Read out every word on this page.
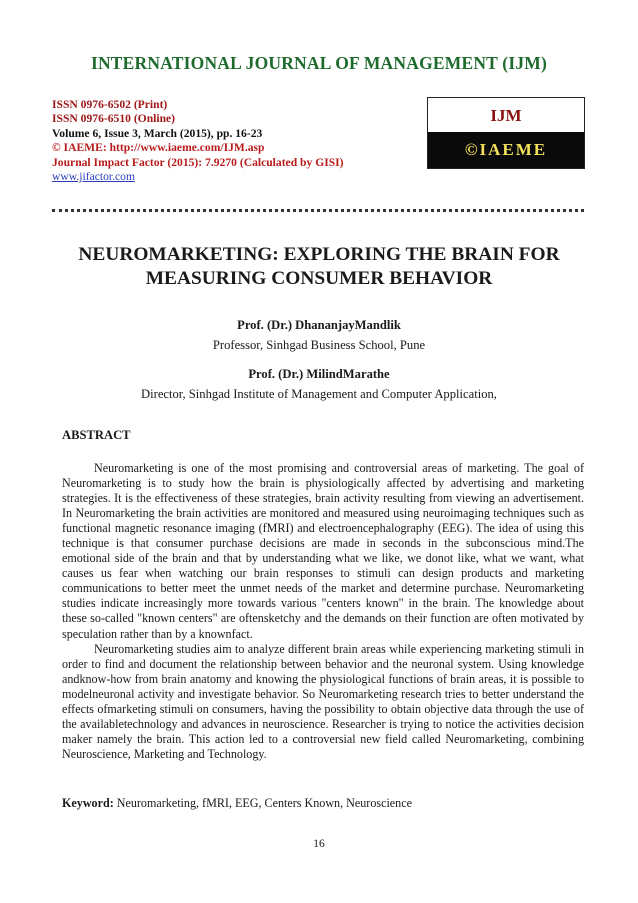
INTERNATIONAL JOURNAL OF MANAGEMENT (IJM)
ISSN 0976-6502 (Print)
ISSN 0976-6510 (Online)
Volume 6, Issue 3, March (2015), pp. 16-23
© IAEME: http://www.iaeme.com/IJM.asp
Journal Impact Factor (2015): 7.9270 (Calculated by GISI)
www.jifactor.com
IJM
©IAEME
NEUROMARKETING: EXPLORING THE BRAIN FOR
MEASURING CONSUMER BEHAVIOR
Prof. (Dr.) DhananjayMandlik
Professor, Sinhgad Business School, Pune
Prof. (Dr.) MilindMarathe
Director, Sinhgad Institute of Management and Computer Application,
ABSTRACT

Neuromarketing is one of the most promising and controversial areas of marketing. The goal of Neuromarketing is to study how the brain is physiologically affected by advertising and marketing strategies. It is the effectiveness of these strategies, brain activity resulting from viewing an advertisement. In Neuromarketing the brain activities are monitored and measured using neuroimaging techniques such as functional magnetic resonance imaging (fMRI) and electroencephalography (EEG). The idea of using this technique is that consumer purchase decisions are made in seconds in the subconscious mind.The emotional side of the brain and that by understanding what we like, we donot like, what we want, what causes us fear when watching our brain responses to stimuli can design products and marketing communications to better meet the unmet needs of the market and determine purchase. Neuromarketing studies indicate increasingly more towards various "centers known" in the brain. The knowledge about these so-called "known centers" are oftensketchy and the demands on their function are often motivated by speculation rather than by a knownfact.

Neuromarketing studies aim to analyze different brain areas while experiencing marketing stimuli in order to find and document the relationship between behavior and the neuronal system. Using knowledge andknow-how from brain anatomy and knowing the physiological functions of brain areas, it is possible to modelneuronal activity and investigate behavior. So Neuromarketing research tries to better understand the effects ofmarketing stimuli on consumers, having the possibility to obtain objective data through the use of the availabletechnology and advances in neuroscience. Researcher is trying to notice the activities decision maker namely the brain. This action led to a controversial new field called Neuromarketing, combining Neuroscience, Marketing and Technology.

Keyword: Neuromarketing, fMRI, EEG, Centers Known, Neuroscience
16
